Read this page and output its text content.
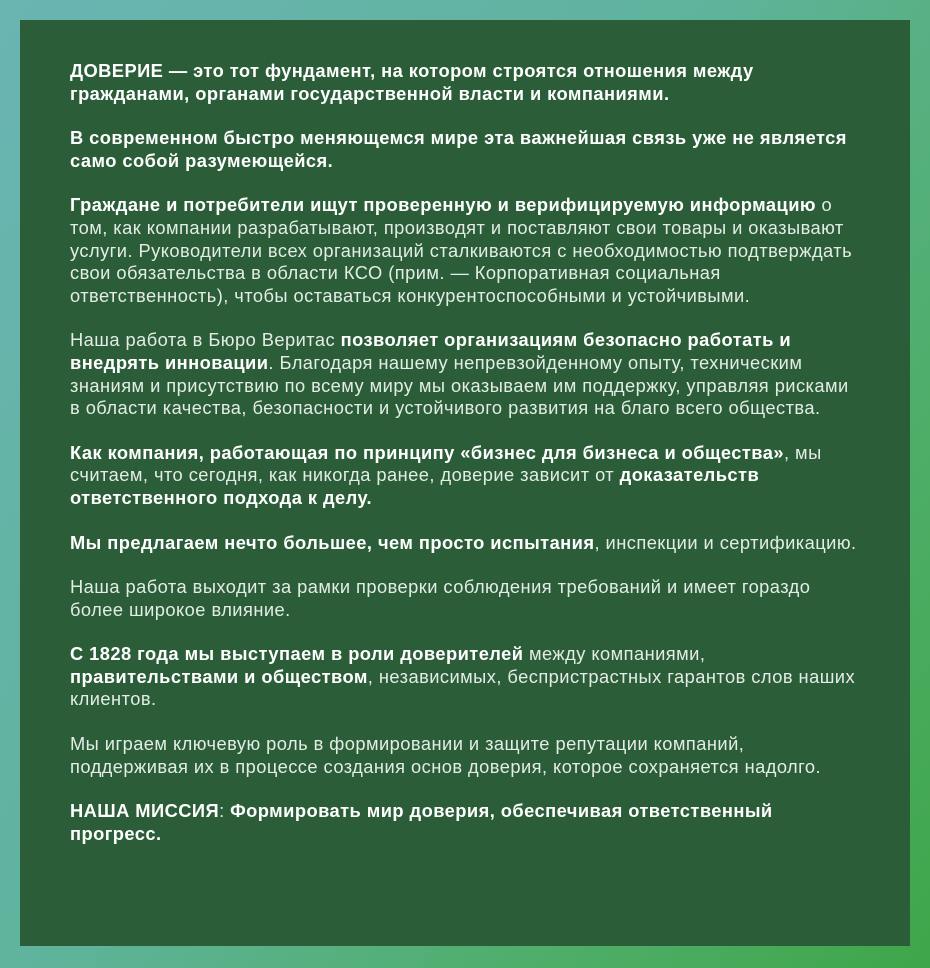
ДОВЕРИЕ — это тот фундамент, на котором строятся отношения между гражданами, органами государственной власти и компаниями.
В современном быстро меняющемся мире эта важнейшая связь уже не является само собой разумеющейся.
Граждане и потребители ищут проверенную и верифицируемую информацию о том, как компании разрабатывают, производят и поставляют свои товары и оказывают услуги. Руководители всех организаций сталкиваются с необходимостью подтверждать свои обязательства в области КСО (прим. — Корпоративная социальная ответственность), чтобы оставаться конкурентоспособными и устойчивыми.
Наша работа в Бюро Веритас позволяет организациям безопасно работать и внедрять инновации. Благодаря нашему непревзойденному опыту, техническим знаниям и присутствию по всему миру мы оказываем им поддержку, управляя рисками в области качества, безопасности и устойчивого развития на благо всего общества.
Как компания, работающая по принципу «бизнес для бизнеса и общества», мы считаем, что сегодня, как никогда ранее, доверие зависит от доказательств ответственного подхода к делу.
Мы предлагаем нечто большее, чем просто испытания, инспекции и сертификацию.
Наша работа выходит за рамки проверки соблюдения требований и имеет гораздо более широкое влияние.
С 1828 года мы выступаем в роли доверителей между компаниями, правительствами и обществом, независимых, беспристрастных гарантов слов наших клиентов.
Мы играем ключевую роль в формировании и защите репутации компаний, поддерживая их в процессе создания основ доверия, которое сохраняется надолго.
НАША МИССИЯ: Формировать мир доверия, обеспечивая ответственный прогресс.
